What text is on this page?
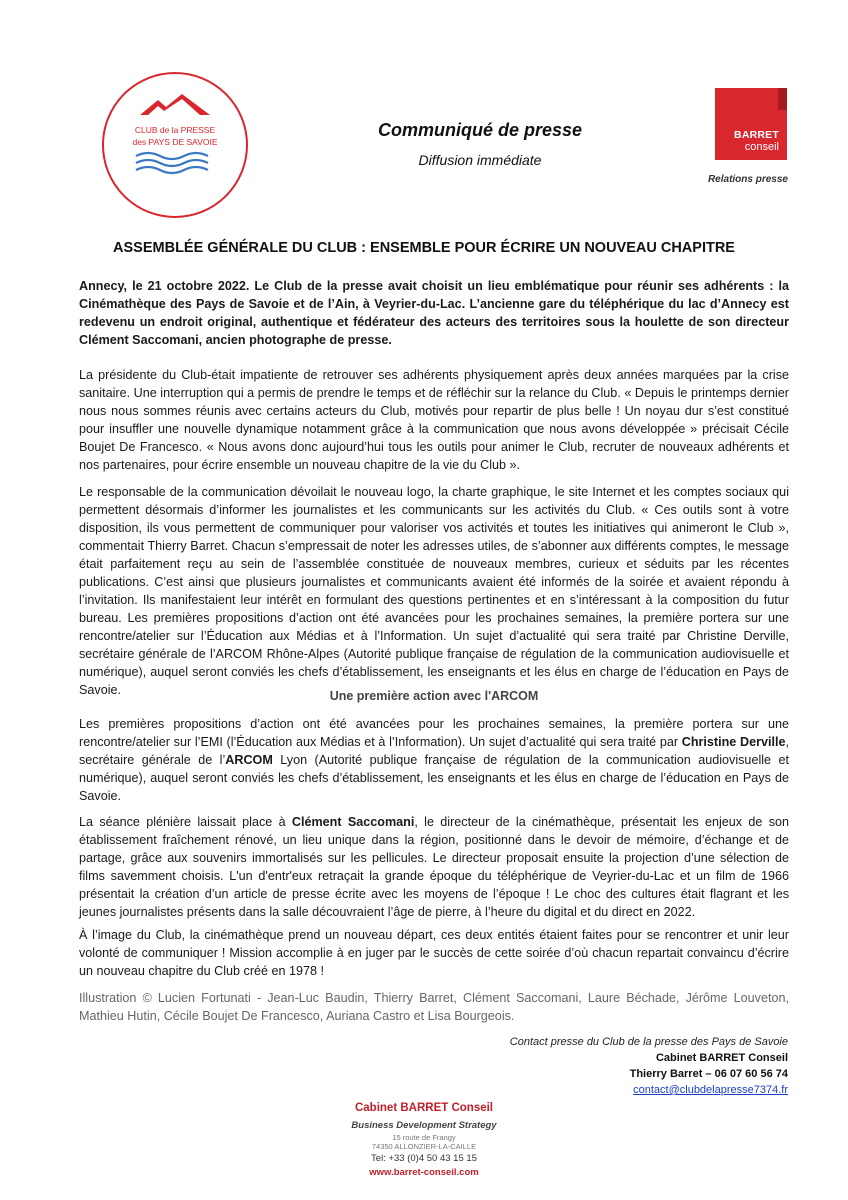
CLUB de la PRESSE
des PAYS DE SAVOIE
Communiqué de presse
Diffusion immédiate
BARRET
conseil
Relations presse
ASSEMBLÉE GÉNÉRALE DU CLUB : ENSEMBLE POUR ÉCRIRE UN NOUVEAU CHAPITRE
Annecy, le 21 octobre 2022. Le Club de la presse avait choisit un lieu emblématique pour réunir ses adhérents : la Cinémathèque des Pays de Savoie et de l’Ain, à Veyrier-du-Lac. L’ancienne gare du téléphérique du lac d’Annecy est redevenu un endroit original, authentique et fédérateur des acteurs des territoires sous la houlette de son directeur Clément Saccomani, ancien photographe de presse.
La présidente du Club-était impatiente de retrouver ses adhérents physiquement après deux années marquées par la crise sanitaire. Une interruption qui a permis de prendre le temps et de réfléchir sur la relance du Club. « Depuis le printemps dernier nous nous sommes réunis avec certains acteurs du Club, motivés pour repartir de plus belle ! Un noyau dur s’est constitué pour insuffler une nouvelle dynamique notamment grâce à la communication que nous avons développée » précisait Cécile Boujet De Francesco. « Nous avons donc aujourd’hui tous les outils pour animer le Club, recruter de nouveaux adhérents et nos partenaires, pour écrire ensemble un nouveau chapitre de la vie du Club ».
Le responsable de la communication dévoilait le nouveau logo, la charte graphique, le site Internet et les comptes sociaux qui permettent désormais d’informer les journalistes et les communicants sur les activités du Club. « Ces outils sont à votre disposition, ils vous permettent de communiquer pour valoriser vos activités et toutes les initiatives qui animeront le Club », commentait Thierry Barret. Chacun s’empressait de noter les adresses utiles, de s’abonner aux différents comptes, le message était parfaitement reçu au sein de l’assemblée constituée de nouveaux membres, curieux et séduits par les récentes publications. C’est ainsi que plusieurs journalistes et communicants avaient été informés de la soirée et avaient répondu à l’invitation. Ils manifestaient leur intérêt en formulant des questions pertinentes et en s’intéressant à la composition du futur bureau. Les premières propositions d’action ont été avancées pour les prochaines semaines, la première portera sur une rencontre/atelier sur l’Éducation aux Médias et à l’Information. Un sujet d’actualité qui sera traité par Christine Derville, secrétaire générale de l’ARCOM Rhône-Alpes (Autorité publique française de régulation de la communication audiovisuelle et numérique), auquel seront conviés les chefs d’établissement, les enseignants et les élus en charge de l’éducation en Pays de Savoie.	Une première action avec l'ARCOM
Les premières propositions d’action ont été avancées pour les prochaines semaines, la première portera sur une rencontre/atelier sur l’EMI (l’Éducation aux Médias et à l’Information). Un sujet d’actualité qui sera traité par Christine Derville, secrétaire générale de l’ARCOM Lyon (Autorité publique française de régulation de la communication audiovisuelle et numérique), auquel seront conviés les chefs d’établissement, les enseignants et les élus en charge de l’éducation en Pays de Savoie.
La séance plénière laissait place à Clément Saccomani, le directeur de la cinémathèque, présentait les enjeux de son établissement fraîchement rénové, un lieu unique dans la région, positionné dans le devoir de mémoire, d’échange et de partage, grâce aux souvenirs immortalisés sur les pellicules. Le directeur proposait ensuite la projection d’une sélection de films savemment choisis. L'un d'entr'eux retraçait la grande époque du téléphérique de Veyrier-du-Lac et un film de 1966 présentait la création d’un article de presse écrite avec les moyens de l’époque ! Le choc des cultures était flagrant et les jeunes journalistes présents dans la salle découvraient l’âge de pierre, à l’heure du digital et du direct en 2022.
À l’image du Club, la cinémathèque prend un nouveau départ, ces deux entités étaient faites pour se rencontrer et unir leur volonté de communiquer ! Mission accomplie à en juger par le succès de cette soirée d’où chacun repartait convaincu d’écrire un nouveau chapitre du Club créé en 1978 !
Illustration © Lucien Fortunati - Jean-Luc Baudin, Thierry Barret, Clément Saccomani, Laure Béchade, Jérôme Louveton, Mathieu Hutin, Cécile Boujet De Francesco, Auriana Castro et Lisa Bourgeois.
Contact presse du Club de la presse des Pays de Savoie
Cabinet BARRET Conseil
Thierry Barret – 06 07 60 56 74
contact@clubdelapresse7374.fr
Cabinet BARRET Conseil
Business Development Strategy
15 route de Frangy
74350 ALLONZIER-LA-CAILLE
Tel: +33 (0)4 50 43 15 15
www.barret-conseil.com
